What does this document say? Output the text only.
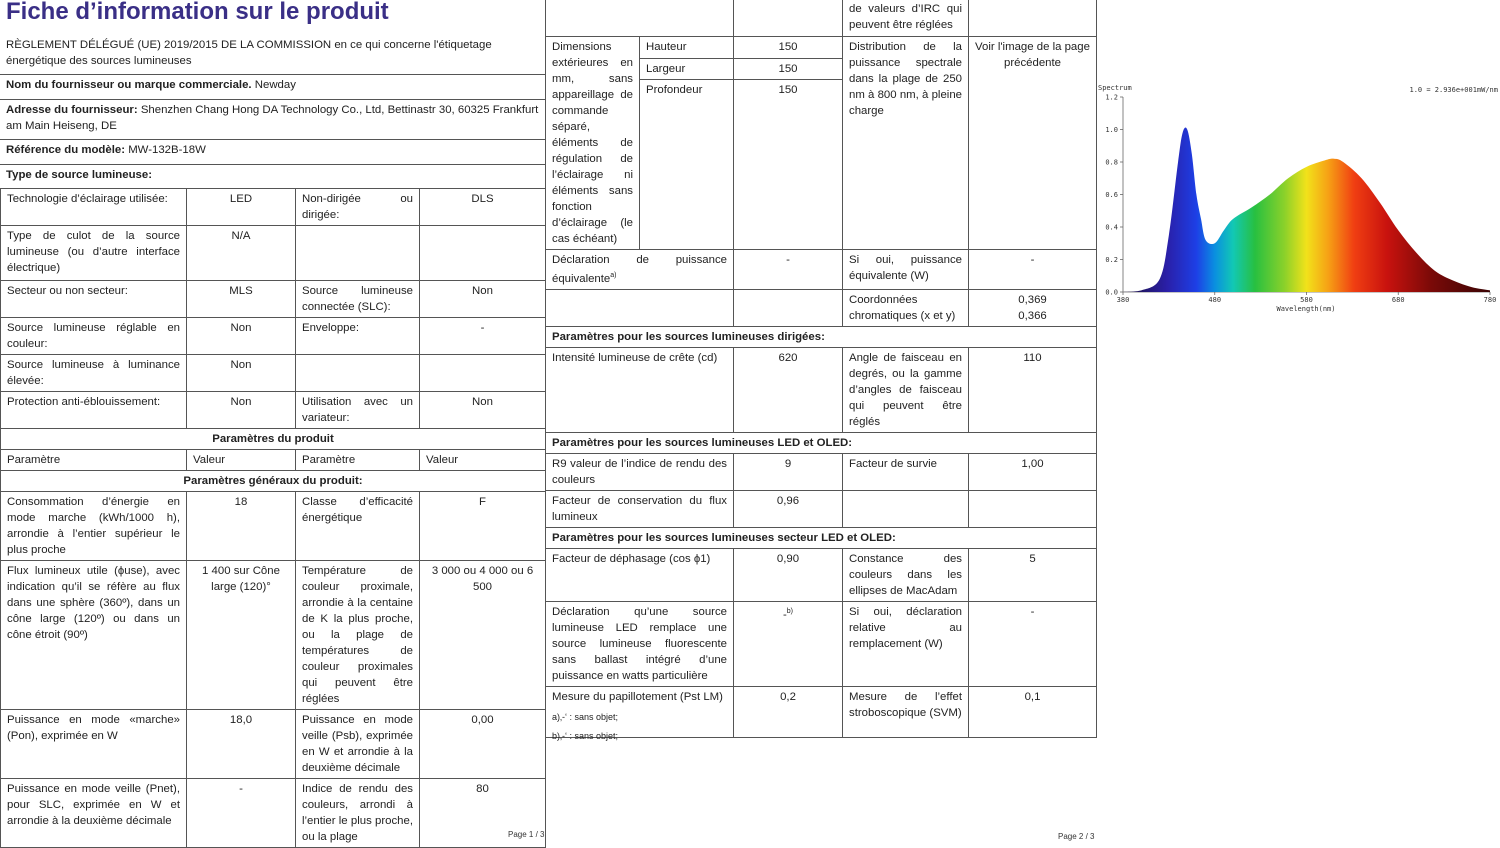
Fiche d’information sur le produit
RÈGLEMENT DÉLÉGUÉ (UE) 2019/2015 DE LA COMMISSION en ce qui concerne l'étiquetage énergétique des sources lumineuses
Nom du fournisseur ou marque commerciale. Newday
Adresse du fournisseur: Shenzhen Chang Hong DA Technology Co., Ltd, Bettinastr 30, 60325 Frankfurt am Main Heiseng, DE
Référence du modèle: MW-132B-18W
Type de source lumineuse:
Technologie d’éclairage utilisée:	LED	Non-dirigée ou dirigée:	DLS
Type de culot de la source lumineuse (ou d’autre interface électrique)	N/A		
Secteur ou non secteur:	MLS	Source lumineuse connectée (SLC):	Non
Source lumineuse réglable en couleur:	Non	Enveloppe:	-
Source lumineuse à luminance élevée:	Non		
Protection anti-éblouissement:	Non	Utilisation avec un variateur:	Non
Paramètres du produit			
Paramètre	Valeur	Paramètre	Valeur
Paramètres généraux du produit:			
Consommation d’énergie en mode marche (kWh/1000 h), arrondie à l’entier supérieur le plus proche	18	Classe d’efficacité énergétique	F
Flux lumineux utile (ϕuse), avec indication qu’il se réfère au flux dans une sphère (360º), dans un cône large (120º) ou dans un cône étroit (90º)	1 400 sur Cône large (120)°	Température de couleur proximale, arrondie à la centaine de K la plus proche, ou la plage de températures de couleur proximales qui peuvent être réglées	3 000 ou 4 000 ou 6 500
Puissance en mode «marche» (Pon), exprimée en W	18,0	Puissance en mode veille (Psb), exprimée en W et arrondie à la deuxième décimale	0,00
Puissance en mode veille (Pnet), pour SLC, exprimée en W et arrondie à la deuxième décimale	-	Indice de rendu des couleurs, arrondi à l’entier le plus proche, ou la plage	80
Page 1 / 3
			de valeurs d’IRC qui peuvent être réglées	
Dimensions extérieures en mm, sans appareillage de commande séparé, éléments de régulation de l’éclairage ni éléments sans fonction d’éclairage (le cas échéant)	Hauteur	150	Distribution de la puissance spectrale dans la plage de 250 nm à 800 nm, à pleine charge	Voir l'image de la page précédente
	Largeur	150		
	Profondeur	150		
Déclaration de puissance équivalente$^{a)}$		-	Si oui, puissance équivalente (W)	-
			Coordonnées chromatiques (x et y)	0,369
0,366

Paramètres pour les sources lumineuses dirigées:				
Intensité lumineuse de crête (cd)		620	Angle de faisceau en degrés, ou la gamme d’angles de faisceau qui peuvent être réglés	110
Paramètres pour les sources lumineuses LED et OLED:				
R9 valeur de l’indice de rendu des couleurs		9	Facteur de survie	1,00
Facteur de conservation du flux lumineux		0,96		
Paramètres pour les sources lumineuses secteur LED et OLED:				
Facteur de déphasage (cos ϕ1)		0,90	Constance des couleurs dans les ellipses de MacAdam	5
Déclaration qu’une source lumineuse LED remplace une source lumineuse fluorescente sans ballast intégré d’une puissance en watts particulière		-$^{b)}$	Si oui, déclaration relative au remplacement (W)	-
Mesure du papillotement (Pst LM)		0,2	Mesure de l’effet stroboscopique (SVM)	0,1
a)‚-‘ : sans objet;
b)‚-‘ : sans objet;
Page 2 / 3
Spectrum	1.0 = 2.936e+001mW/nm
0.0
0.2
0.4
0.6
0.8
1.0
1.2
380	480	580	680	780
Wavelength(nm)
